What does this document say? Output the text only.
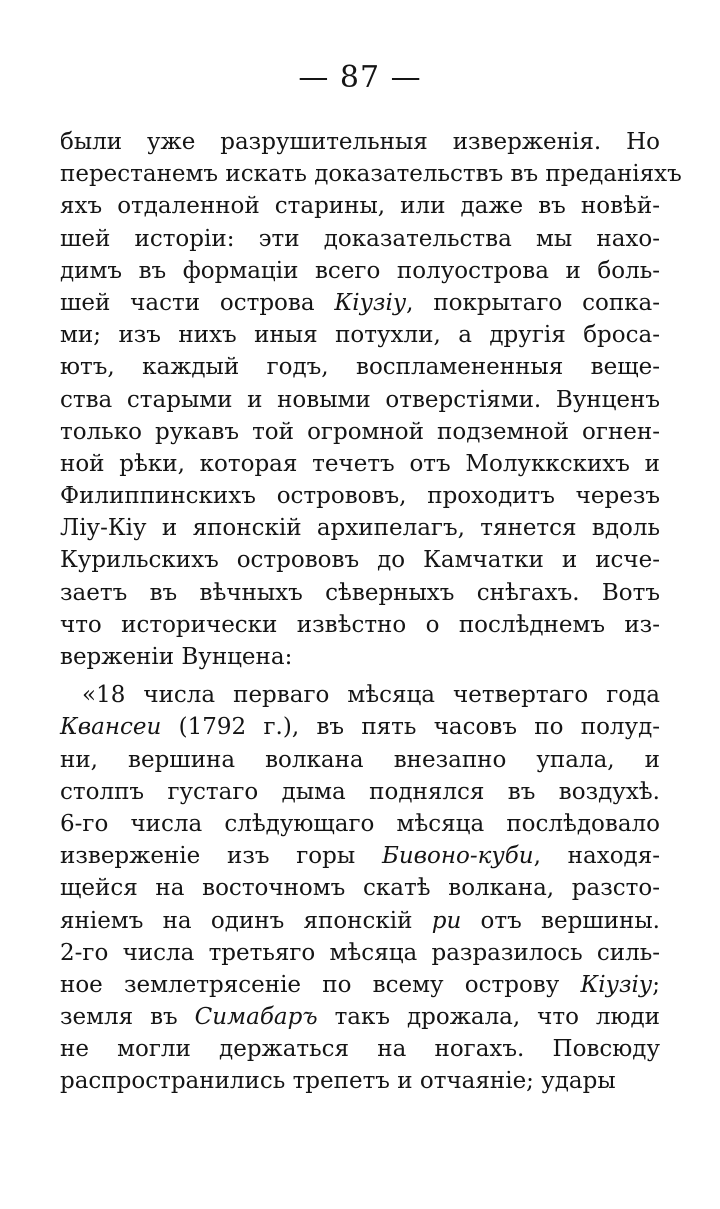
— 87 —
были уже разрушительныя изверженія. Но
перестанемъ искать доказательствъ въ преданіяхъ
яхъ отдаленной старины, или даже въ новѣй-
шей исторіи: эти доказательства мы нахо-
димъ въ формаціи всего полуострова и боль-
шей части острова Кіузіу, покрытаго сопка-
ми; изъ нихъ иныя потухли, а другія броса-
ютъ, каждый годъ, воспламененныя веще-
ства старыми и новыми отверстіями. Вунценъ
только рукавъ той огромной подземной огнен-
ной рѣки, которая течетъ отъ Молуккскихъ и
Филиппинскихъ острововъ, проходитъ черезъ
Ліу-Кіу и японскій архипелагъ, тянется вдоль
Курильскихъ острововъ до Камчатки и исче-
заетъ въ вѣчныхъ сѣверныхъ снѣгахъ. Вотъ
что исторически извѣстно о послѣднемъ из-
верженіи Вунцена:
«18 числа перваго мѣсяца четвертаго года
Квансеи (1792 г.), въ пять часовъ по полуд-
ни, вершина волкана внезапно упала, и
столпъ густаго дыма поднялся въ воздухѣ.
6-го числа слѣдующаго мѣсяца послѣдовало
изверженіе изъ горы Бивоно-куби, находя-
щейся на восточномъ скатѣ волкана, разсто-
яніемъ на одинъ японскій ри отъ вершины.
2-го числа третьяго мѣсяца разразилось силь-
ное землетрясеніе по всему острову Кіузіу;
земля въ Симабаръ такъ дрожала, что люди
не могли держаться на ногахъ. Повсюду
распространились трепетъ и отчаяніе; удары
